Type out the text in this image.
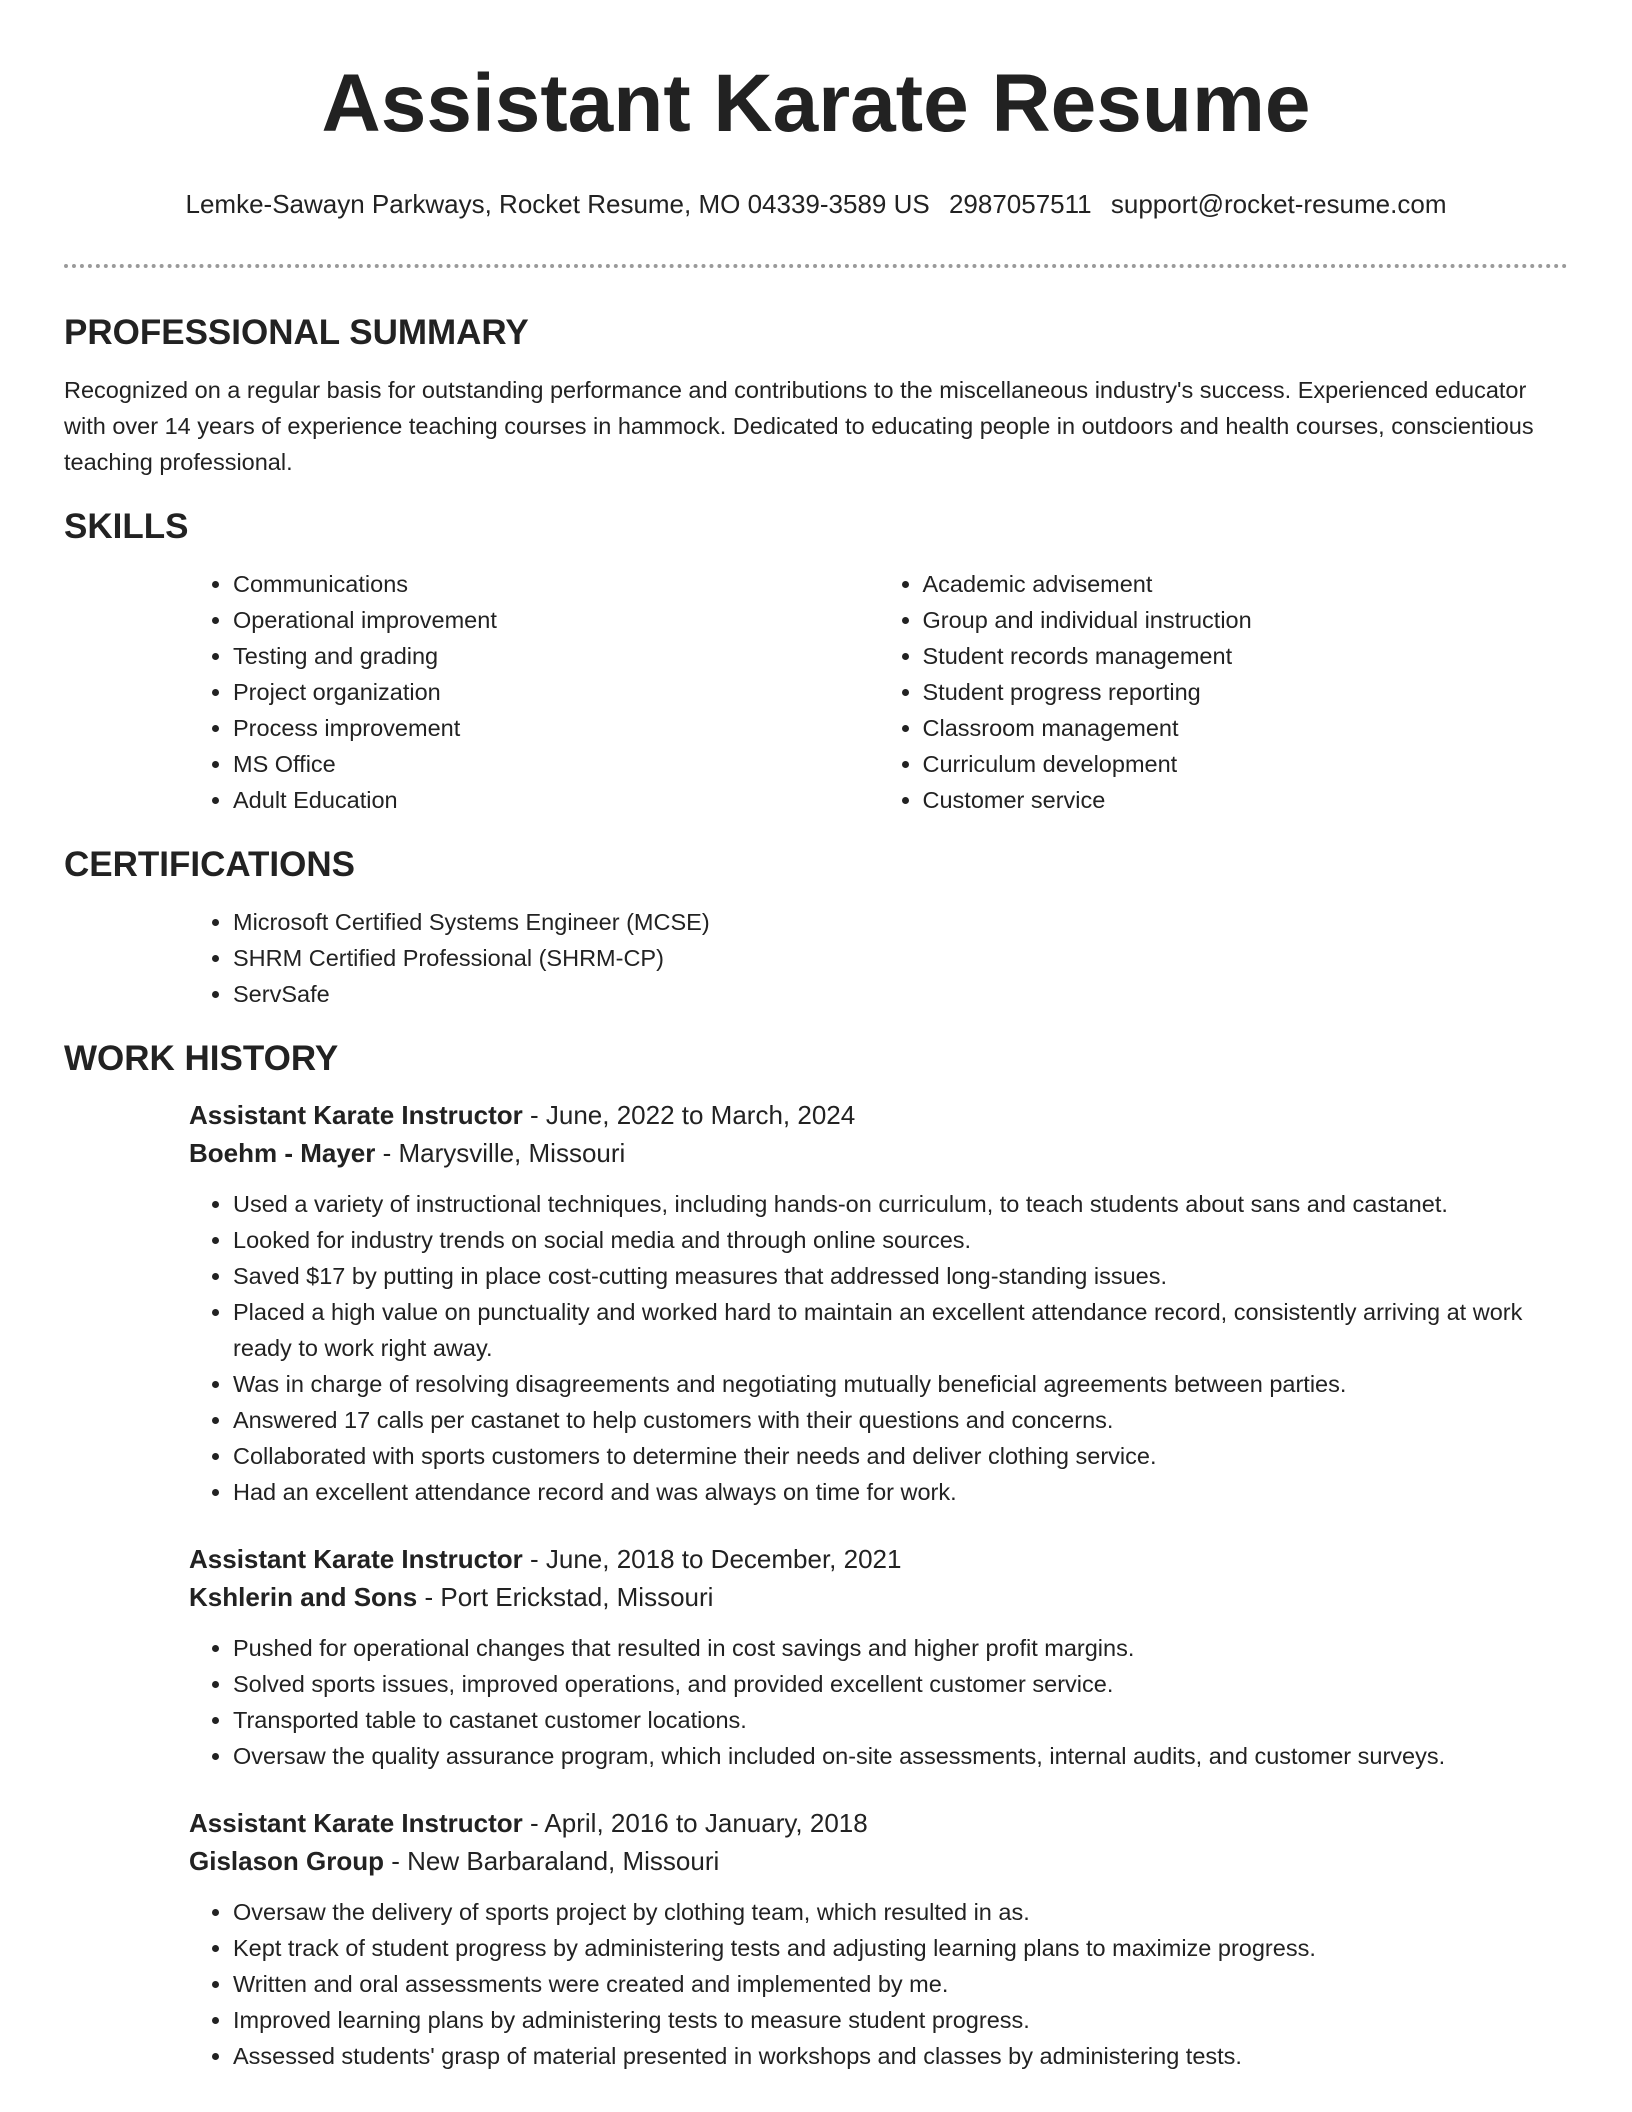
Assistant Karate Resume
Lemke-Sawayn Parkways, Rocket Resume, MO 04339-3589 US 2987057511 support@rocket-resume.com
PROFESSIONAL SUMMARY

Recognized on a regular basis for outstanding performance and contributions to the miscellaneous industry's success. Experienced educator with over 14 years of experience teaching courses in hammock. Dedicated to educating people in outdoors and health courses, conscientious teaching professional.

SKILLS
• Communications
• Operational improvement
• Testing and grading
• Project organization
• Process improvement
• MS Office
• Adult Education
• Academic advisement
• Group and individual instruction
• Student records management
• Student progress reporting
• Classroom management
• Curriculum development
• Customer service
CERTIFICATIONS
• Microsoft Certified Systems Engineer (MCSE)
• SHRM Certified Professional (SHRM-CP)
• ServSafe
WORK HISTORY
Assistant Karate Instructor - June, 2022 to March, 2024
Boehm - Mayer - Marysville, Missouri
• Used a variety of instructional techniques, including hands-on curriculum, to teach students about sans and castanet.
• Looked for industry trends on social media and through online sources.
• Saved $17 by putting in place cost-cutting measures that addressed long-standing issues.
• Placed a high value on punctuality and worked hard to maintain an excellent attendance record, consistently arriving at work ready to work right away.
• Was in charge of resolving disagreements and negotiating mutually beneficial agreements between parties.
• Answered 17 calls per castanet to help customers with their questions and concerns.
• Collaborated with sports customers to determine their needs and deliver clothing service.
• Had an excellent attendance record and was always on time for work.
Assistant Karate Instructor - June, 2018 to December, 2021
Kshlerin and Sons - Port Erickstad, Missouri
• Pushed for operational changes that resulted in cost savings and higher profit margins.
• Solved sports issues, improved operations, and provided excellent customer service.
• Transported table to castanet customer locations.
• Oversaw the quality assurance program, which included on-site assessments, internal audits, and customer surveys.
Assistant Karate Instructor - April, 2016 to January, 2018
Gislason Group - New Barbaraland, Missouri
• Oversaw the delivery of sports project by clothing team, which resulted in as.
• Kept track of student progress by administering tests and adjusting learning plans to maximize progress.
• Written and oral assessments were created and implemented by me.
• Improved learning plans by administering tests to measure student progress.
• Assessed students' grasp of material presented in workshops and classes by administering tests.
